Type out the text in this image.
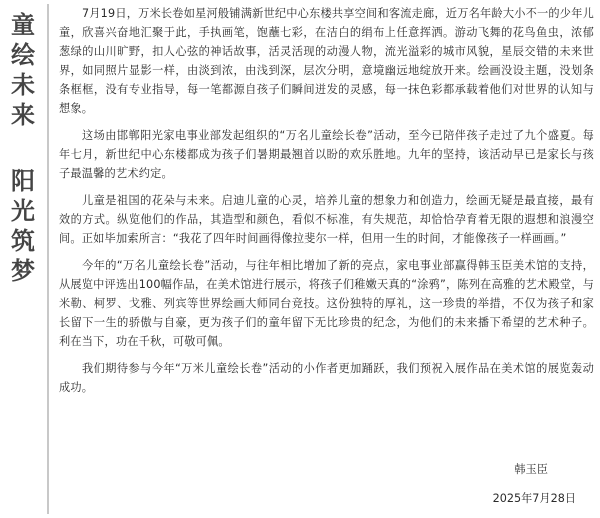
童
绘
未
来
阳
光
筑
梦

7月19日，万米长卷如星河般铺满新世纪中心东楼共享空间和客流走廊，近万名年龄大小不一的少年儿童，欣喜兴奋地汇聚于此，手执画笔，饱蘸七彩，在洁白的绢布上任意挥洒。游动飞舞的花鸟鱼虫，浓郁葱绿的山川旷野，扣人心弦的神话故事，活灵活现的动漫人物，流光溢彩的城市风貌，星辰交错的未来世界，如同照片显影一样，由淡到浓，由浅到深，层次分明，意境幽远地绽放开来。绘画没设主题，没划条条框框，没有专业指导，每一笔都源自孩子们瞬间迸发的灵感，每一抹色彩都承载着他们对世界的认知与想象。

这场由邯郸阳光家电事业部发起组织的“万名儿童绘长卷”活动，至今已陪伴孩子走过了九个盛夏。每年七月，新世纪中心东楼都成为孩子们暑期最翘首以盼的欢乐胜地。九年的坚持，该活动早已是家长与孩子最温馨的艺术约定。

儿童是祖国的花朵与未来。启迪儿童的心灵，培养儿童的想象力和创造力，绘画无疑是最直接，最有效的方式。纵览他们的作品，其造型和颜色，看似不标准，有失规范，却恰恰孕育着无限的遐想和浪漫空间。正如毕加索所言：“我花了四年时间画得像拉斐尔一样，但用一生的时间，才能像孩子一样画画。”

今年的“万名儿童绘长卷”活动，与往年相比增加了新的亮点，家电事业部赢得韩玉臣美术馆的支持，从展览中评选出100幅作品，在美术馆进行展示，将孩子们稚嫩天真的“涂鸦”，陈列在高雅的艺术殿堂，与米勒、柯罗、戈雅、列宾等世界绘画大师同台竞技。这份独特的厚礼，这一珍贵的举措，不仅为孩子和家长留下一生的骄傲与自豪，更为孩子们的童年留下无比珍贵的纪念，为他们的未来播下希望的艺术种子。利在当下，功在千秋，可敬可佩。

我们期待参与今年“万米儿童绘长卷”活动的小作者更加踊跃，我们预祝入展作品在美术馆的展览轰动成功。

韩玉臣
2025年7月28日
